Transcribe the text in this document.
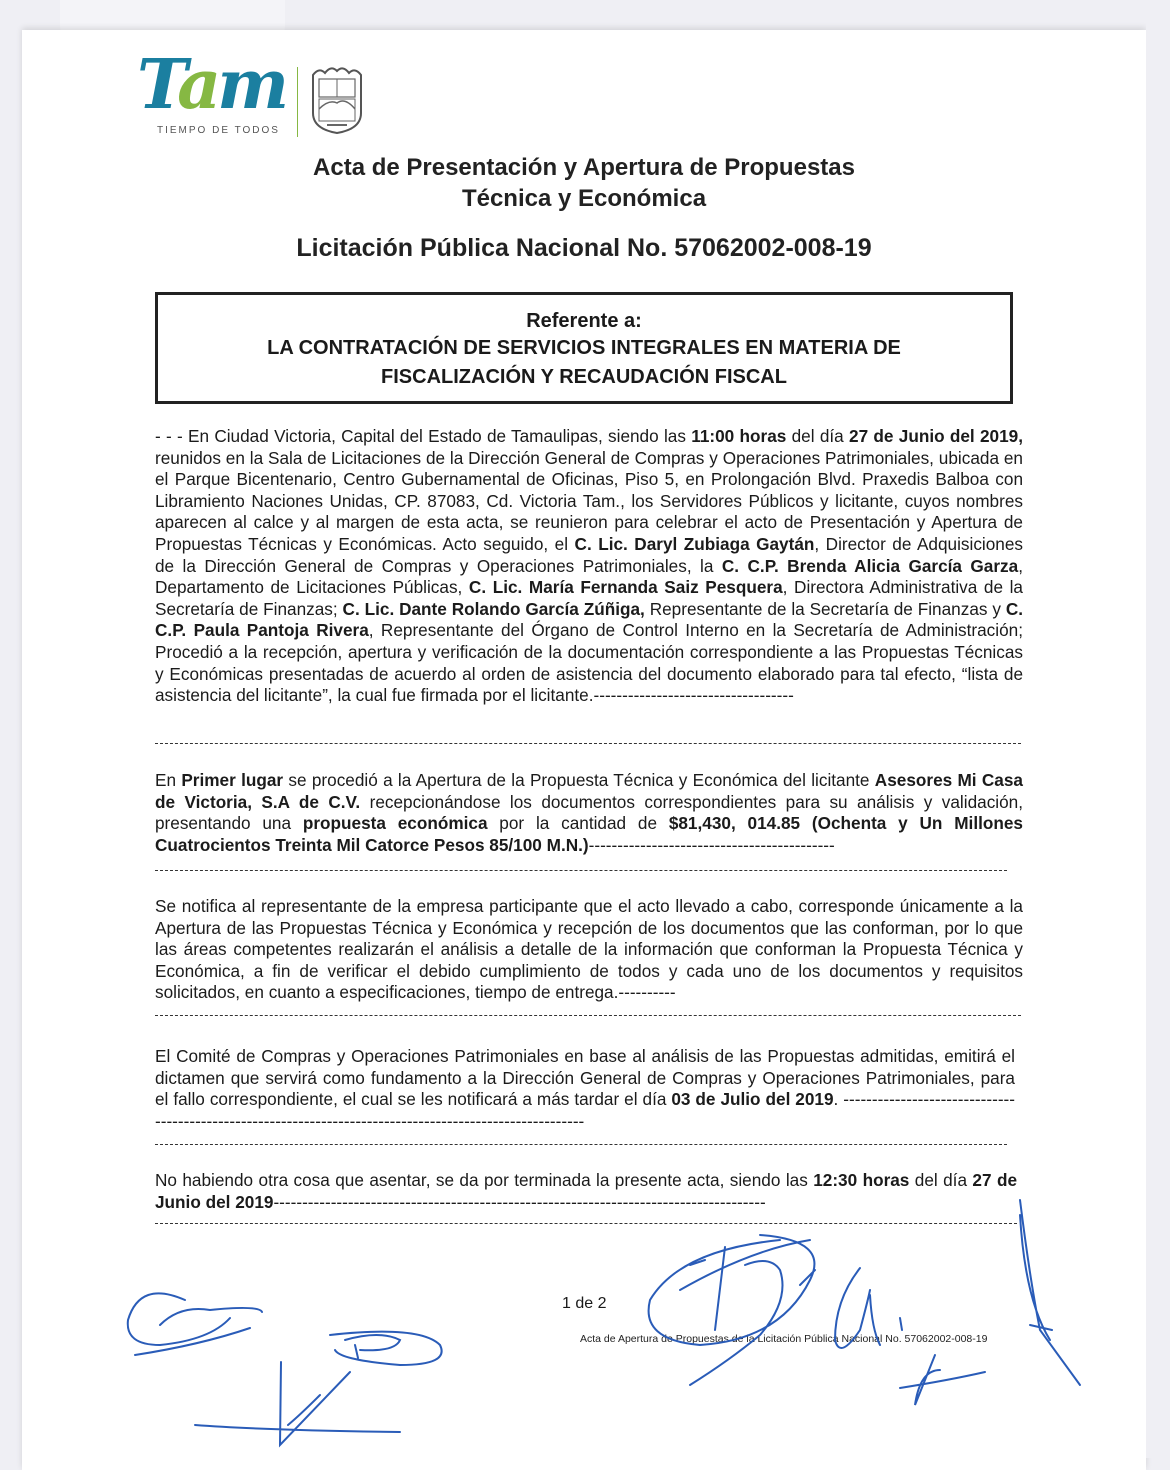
Tam
TIEMPO DE TODOS
Acta de Presentación y Apertura de Propuestas
Técnica y Económica
Licitación Pública Nacional No. 57062002-008-19
Referente a:
LA CONTRATACIÓN DE SERVICIOS INTEGRALES EN MATERIA DE
FISCALIZACIÓN Y RECAUDACIÓN FISCAL
- - - En Ciudad Victoria, Capital del Estado de Tamaulipas, siendo las 11:00 horas del día 27 de Junio del 2019, reunidos en la Sala de Licitaciones de la Dirección General de Compras y Operaciones Patrimoniales, ubicada en el Parque Bicentenario, Centro Gubernamental de Oficinas, Piso 5, en Prolongación Blvd. Praxedis Balboa con Libramiento Naciones Unidas, CP. 87083, Cd. Victoria Tam., los Servidores Públicos y licitante, cuyos nombres aparecen al calce y al margen de esta acta, se reunieron para celebrar el acto de Presentación y Apertura de Propuestas Técnicas y Económicas. Acto seguido, el C. Lic. Daryl Zubiaga Gaytán, Director de Adquisiciones de la Dirección General de Compras y Operaciones Patrimoniales, la C. C.P. Brenda Alicia García Garza, Departamento de Licitaciones Públicas, C. Lic. María Fernanda Saiz Pesquera, Directora Administrativa de la Secretaría de Finanzas; C. Lic. Dante Rolando García Zúñiga, Representante de la Secretaría de Finanzas y C. C.P. Paula Pantoja Rivera, Representante del Órgano de Control Interno en la Secretaría de Administración; Procedió a la recepción, apertura y verificación de la documentación correspondiente a las Propuestas Técnicas y Económicas presentadas de acuerdo al orden de asistencia del documento elaborado para tal efecto, “lista de asistencia del licitante”, la cual fue firmada por el licitante.-----------------------------------
En Primer lugar se procedió a la Apertura de la Propuesta Técnica y Económica del licitante Asesores Mi Casa de Victoria, S.A de C.V. recepcionándose los documentos correspondientes para su análisis y validación, presentando una propuesta económica por la cantidad de $81,430, 014.85 (Ochenta y Un Millones Cuatrocientos Treinta Mil Catorce Pesos 85/100 M.N.)-------------------------------------------
Se notifica al representante de la empresa participante que el acto llevado a cabo, corresponde únicamente a la Apertura de las Propuestas Técnica y Económica y recepción de los documentos que las conforman, por lo que las áreas competentes realizarán el análisis a detalle de la información que conforman la Propuesta Técnica y Económica, a fin de verificar el debido cumplimiento de todos y cada uno de los documentos y requisitos solicitados, en cuanto a especificaciones, tiempo de entrega.----------
El Comité de Compras y Operaciones Patrimoniales en base al análisis de las Propuestas admitidas, emitirá el dictamen que servirá como fundamento a la Dirección General de Compras y Operaciones Patrimoniales, para el fallo correspondiente, el cual se les notificará a más tardar el día 03 de Julio del 2019. ---------------------------------------------------------------------------------------------------------
No habiendo otra cosa que asentar, se da por terminada la presente acta, siendo las 12:30 horas del día 27 de Junio del 2019--------------------------------------------------------------------------------------
1 de 2
Acta de Apertura de Propuestas de la Licitación Pública Nacional No. 57062002-008-19
